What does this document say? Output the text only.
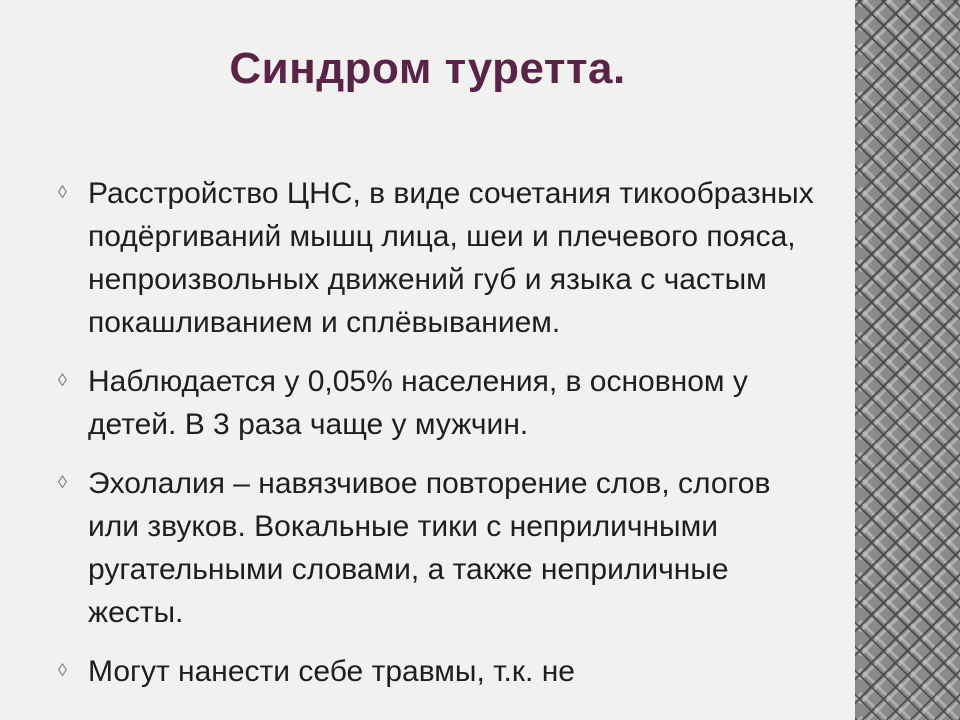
Синдром туретта.
◊ Расстройство ЦНС, в виде сочетания тикообразных подёргиваний мышц лица, шеи и плечевого пояса, непроизвольных движений губ и языка с частым покашливанием и сплёвыванием.
◊ Наблюдается у 0,05% населения, в основном у детей. В 3 раза чаще у мужчин.
◊ Эхолалия – навязчивое повторение слов, слогов или звуков. Вокальные тики с неприличными ругательными словами, а также неприличные жесты.
◊ Могут нанести себе травмы, т.к. не
